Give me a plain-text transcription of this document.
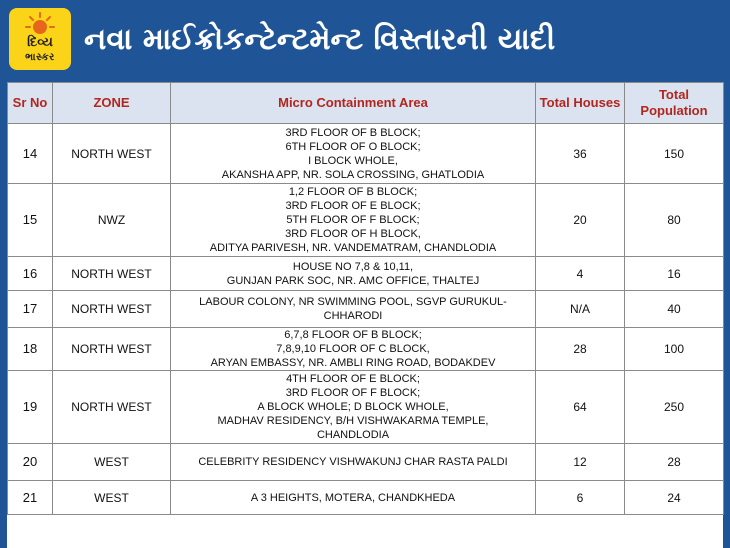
દિવ્ય
ભાસ્કર
નવા માઈક્રોકન્ટેન્ટમેન્ટ વિસ્તારની યાદી
Sr No	ZONE	Micro Containment Area	Total Houses	Total Population
14	NORTH WEST	3RD FLOOR OF B BLOCK;
6TH FLOOR OF O BLOCK;
I BLOCK WHOLE,
AKANSHA APP, NR. SOLA CROSSING, GHATLODIA	36	150
15	NWZ	1,2 FLOOR OF B BLOCK;
3RD FLOOR OF E BLOCK;
5TH FLOOR OF F BLOCK;
3RD FLOOR OF H BLOCK,
ADITYA PARIVESH, NR. VANDEMATRAM, CHANDLODIA	20	80
16	NORTH WEST	HOUSE NO 7,8 & 10,11,
GUNJAN PARK SOC, NR. AMC OFFICE, THALTEJ	4	16
17	NORTH WEST	LABOUR COLONY, NR SWIMMING POOL, SGVP GURUKUL-
CHHARODI	N/A	40
18	NORTH WEST	6,7,8 FLOOR OF B BLOCK;
7,8,9,10 FLOOR OF C BLOCK,
ARYAN EMBASSY, NR. AMBLI RING ROAD, BODAKDEV	28	100
19	NORTH WEST	4TH FLOOR OF E BLOCK;
3RD FLOOR OF F BLOCK;
A BLOCK WHOLE; D BLOCK WHOLE,
MADHAV RESIDENCY, B/H VISHWAKARMA TEMPLE,
CHANDLODIA	64	250
20	WEST	CELEBRITY RESIDENCY VISHWAKUNJ CHAR RASTA PALDI	12	28
21	WEST	A 3 HEIGHTS, MOTERA, CHANDKHEDA	6	24
